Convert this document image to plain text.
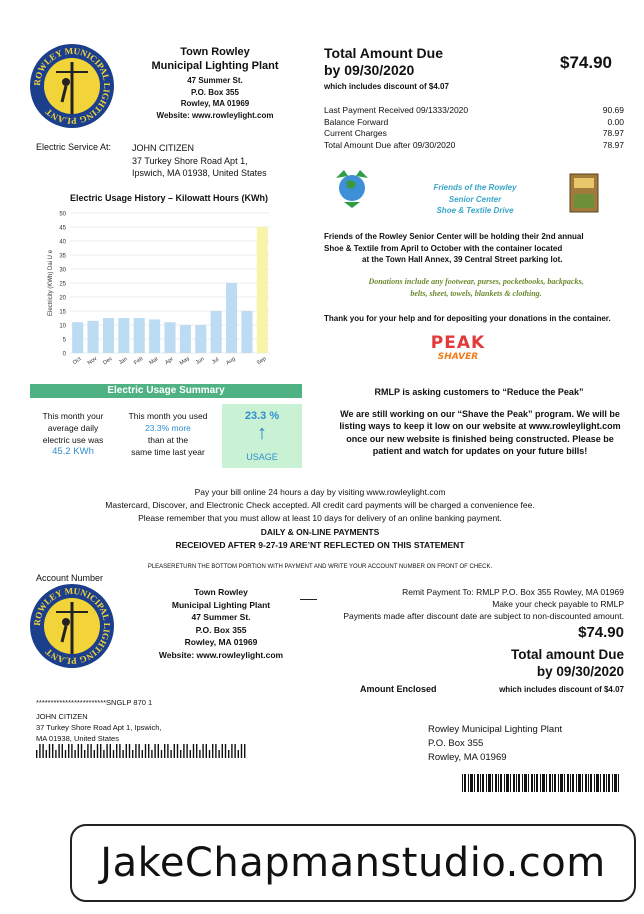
ROWLEY MUNICIPAL LIGHTING PLANT
Town Rowley
Municipal Lighting Plant
47 Summer St.
P.O. Box 355
Rowley, MA 01969
Website: www.rowleylight.com
Electric Service At: JOHN CITIZEN
37 Turkey Shore Road Apt 1,
Ipswich, MA 01938, United States
Total Amount Due
by 09/30/2020	$74.90
which includes discount of $4.07
Last Payment Received 09/1333/2020	90.69
Balance Forward	0.00
Current Charges	78.97
Total Amount Due after 09/30/2020	78.97
Friends of the Rowley
Senior Center
Shoe & Textile Drive
Friends of the Rowley Senior Center will be holding their 2nd annual
Shoe & Textile from April to October with the container located
at the Town Hall Annex, 39 Central Street parking lot.
Donations include any footwear, purses, pocketbooks, backpacks,
belts, sheet, towels, blankets & clothing.
Thank you for your help and for depositing your donations in the container.
PEAK
SHAVER
RMLP is asking customers to “Reduce the Peak”
We are still working on our “Shave the Peak” program. We will be
listing ways to keep it low on our website at www.rowleylight.com
once our new website is finished being constructed. Please be
patient and watch for updates on your future bills!
Electric Usage History – Kilowatt Hours (KWh)
0
5
10
15
20
25
30
35
40
45
50
Oct Nov Dec Jan Feb Mar Apr May Jun Jul Aug	Sep
Electricity (KWh) Dai U e
Electric Usage Summary
This month your
average daily
electric use was
45.2 KWh
This month you used
23.3% more
than at the
same time last year
23.3 %
↑
USAGE
Pay your bill online 24 hours a day by visiting www.rowleylight.com
Mastercard, Discover, and Electronic Check accepted. All credit card payments will be charged a convenience fee.
Please remember that you must allow at least 10 days for delivery of an online banking payment.
DAILY & ON-LINE PAYMENTS
RECEIOVED AFTER 9-27-19 ARE’NT REFLECTED ON THIS STATEMENT
PLEASERETURN THE BOTTOM PORTION WITH PAYMENT AND WRITE YOUR ACCOUNT NUMBER ON FRONT OF CHECK.
Account Number
ROWLEY MUNICIPAL LIGHTING PLANT
Town Rowley
Municipal Lighting Plant
47 Summer St.
P.O. Box 355
Rowley, MA 01969
Website: www.rowleylight.com
Remit Payment To: RMLP P.O. Box 355 Rowley, MA 01969
Make your check payable to RMLP
Payments made after discount date are subject to non-discounted amount.
$74.90
Total amount Due
by 09/30/2020
Amount Enclosed	which includes discount of $4.07
************************SNGLP 870 1
JOHN CITIZEN
37 Turkey Shore Road Apt 1, Ipswich,
MA 01938, United States
Rowley Municipal Lighting Plant
P.O. Box 355
Rowley, MA 01969
JakeChapmanstudio.com
